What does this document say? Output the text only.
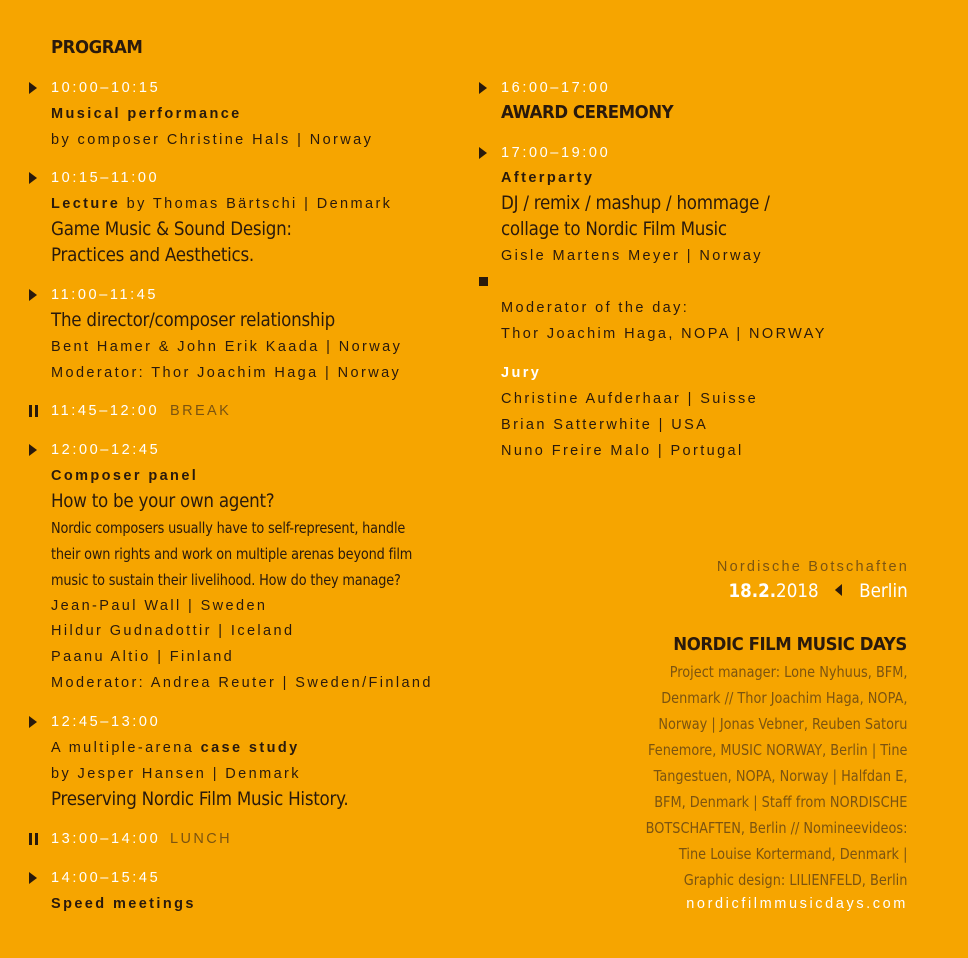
PROGRAM
10:00–10:15
Musical performance
by composer Christine Hals | Norway
10:15–11:00
Lecture by Thomas Bärtschi | Denmark
Game Music & Sound Design:
Practices and Aesthetics.
11:00–11:45
The director/composer relationship
Bent Hamer & John Erik Kaada | Norway
Moderator: Thor Joachim Haga | Norway
11:45–12:00 BREAK
12:00–12:45
Composer panel
How to be your own agent?
Nordic composers usually have to self-represent, handle
their own rights and work on multiple arenas beyond film
music to sustain their livelihood. How do they manage?
Jean-Paul Wall | Sweden
Hildur Gudnadottir | Iceland
Paanu Altio | Finland
Moderator: Andrea Reuter | Sweden/Finland
12:45–13:00
A multiple-arena case study
by Jesper Hansen | Denmark
Preserving Nordic Film Music History.
13:00–14:00 LUNCH
14:00–15:45
Speed meetings
16:00–17:00
AWARD CEREMONY
17:00–19:00
Afterparty
DJ / remix / mashup / hommage /
collage to Nordic Film Music
Gisle Martens Meyer | Norway
Moderator of the day:
Thor Joachim Haga, NOPA | NORWAY
Jury
Christine Aufderhaar | Suisse
Brian Satterwhite | USA
Nuno Freire Malo | Portugal
Nordische Botschaften
18.2.2018 Berlin
NORDIC FILM MUSIC DAYS
Project manager: Lone Nyhuus, BFM,
Denmark // Thor Joachim Haga, NOPA,
Norway | Jonas Vebner, Reuben Satoru
Fenemore, MUSIC NORWAY, Berlin | Tine
Tangestuen, NOPA, Norway | Halfdan E,
BFM, Denmark | Staff from NORDISCHE
BOTSCHAFTEN, Berlin // Nomineevideos:
Tine Louise Kortermand, Denmark |
Graphic design: LILIENFELD, Berlin
nordicfilmmusicdays.com
